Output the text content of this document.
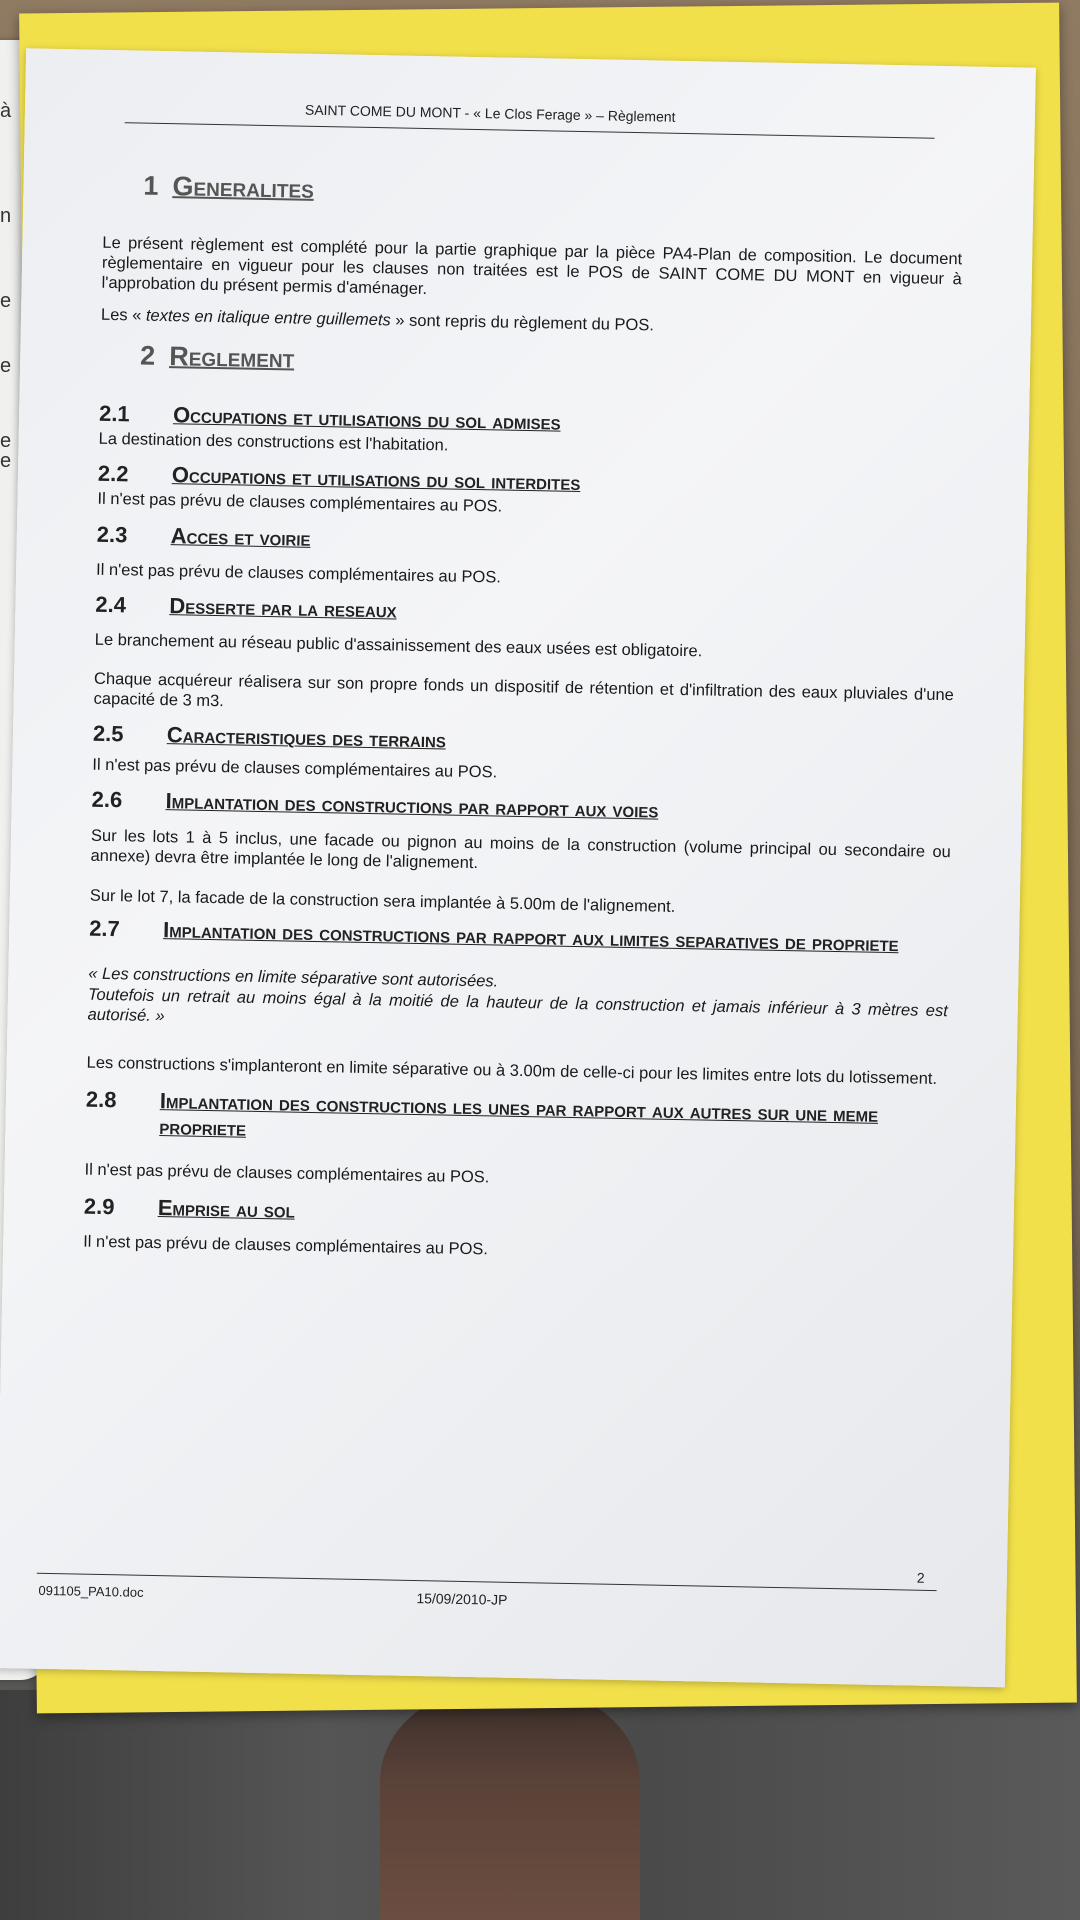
à
n
e
e
e
e
SAINT COME DU MONT - « Le Clos Ferage » – Règlement
1 Generalites

Le présent règlement est complété pour la partie graphique par la pièce PA4-Plan de composition. Le document règlementaire en vigueur pour les clauses non traitées est le POS de SAINT COME DU MONT en vigueur à l'approbation du présent permis d'aménager.

Les « textes en italique entre guillemets » sont repris du règlement du POS.

2 Reglement
2.1	Occupations et utilisations du sol admises

La destination des constructions est l'habitation.

2.2	Occupations et utilisations du sol interdites

Il n'est pas prévu de clauses complémentaires au POS.

2.3	Acces et voirie

Il n'est pas prévu de clauses complémentaires au POS.

2.4	Desserte par la reseaux

Le branchement au réseau public d'assainissement des eaux usées est obligatoire.

Chaque acquéreur réalisera sur son propre fonds un dispositif de rétention et d'infiltration des eaux pluviales d'une capacité de 3 m3.

2.5	Caracteristiques des terrains

Il n'est pas prévu de clauses complémentaires au POS.

2.6	Implantation des constructions par rapport aux voies

Sur les lots 1 à 5 inclus, une facade ou pignon au moins de la construction (volume principal ou secondaire ou annexe) devra être implantée le long de l'alignement.

Sur le lot 7, la facade de la construction sera implantée à 5.00m de l'alignement.

2.7	Implantation des constructions par rapport aux limites separatives de propriete

« Les constructions en limite séparative sont autorisées.
Toutefois un retrait au moins égal à la moitié de la hauteur de la construction et jamais inférieur à 3 mètres est autorisé. »

Les constructions s'implanteront en limite séparative ou à 3.00m de celle-ci pour les limites entre lots du lotissement.

2.8	Implantation des constructions les unes par rapport aux autres sur une meme propriete

Il n'est pas prévu de clauses complémentaires au POS.

2.9	Emprise au sol

Il n'est pas prévu de clauses complémentaires au POS.

2
091105_PA10.doc	15/09/2010-JP
